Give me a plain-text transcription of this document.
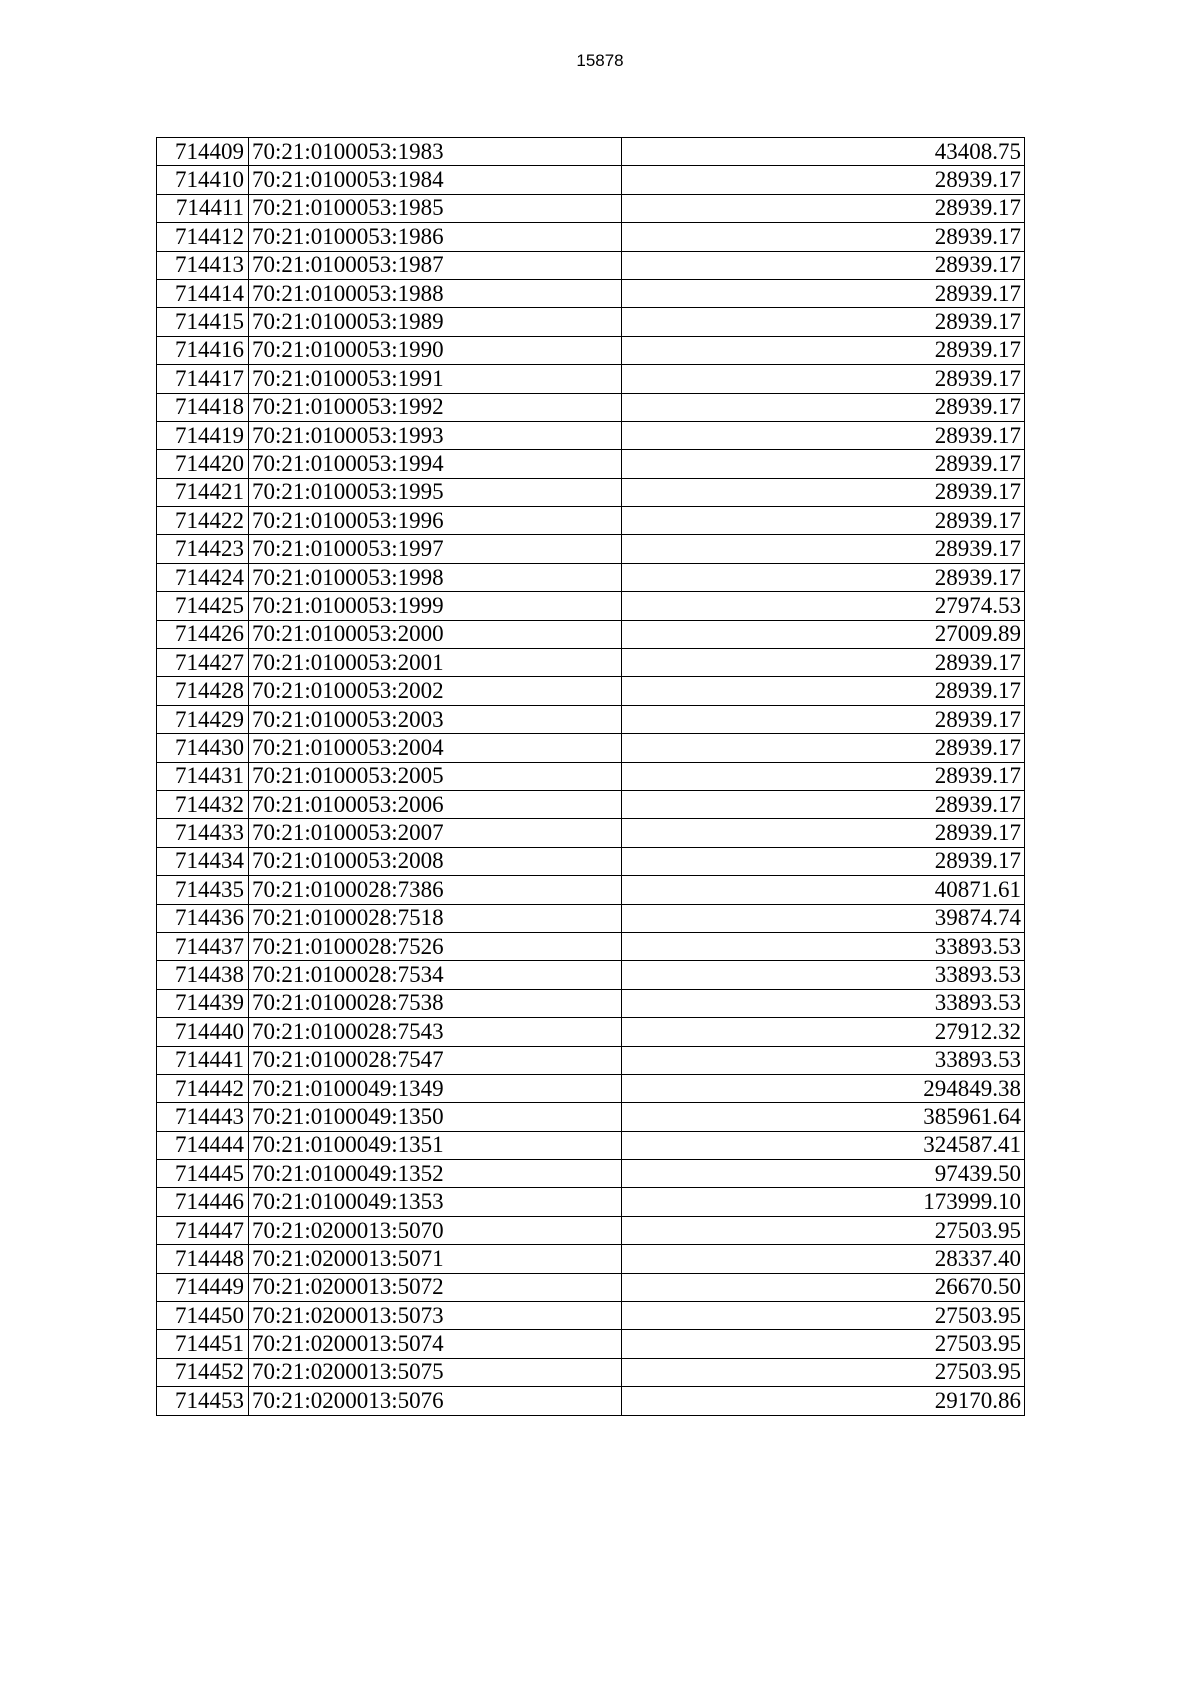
15878
714409	70:21:0100053:1983	43408.75
714410	70:21:0100053:1984	28939.17
714411	70:21:0100053:1985	28939.17
714412	70:21:0100053:1986	28939.17
714413	70:21:0100053:1987	28939.17
714414	70:21:0100053:1988	28939.17
714415	70:21:0100053:1989	28939.17
714416	70:21:0100053:1990	28939.17
714417	70:21:0100053:1991	28939.17
714418	70:21:0100053:1992	28939.17
714419	70:21:0100053:1993	28939.17
714420	70:21:0100053:1994	28939.17
714421	70:21:0100053:1995	28939.17
714422	70:21:0100053:1996	28939.17
714423	70:21:0100053:1997	28939.17
714424	70:21:0100053:1998	28939.17
714425	70:21:0100053:1999	27974.53
714426	70:21:0100053:2000	27009.89
714427	70:21:0100053:2001	28939.17
714428	70:21:0100053:2002	28939.17
714429	70:21:0100053:2003	28939.17
714430	70:21:0100053:2004	28939.17
714431	70:21:0100053:2005	28939.17
714432	70:21:0100053:2006	28939.17
714433	70:21:0100053:2007	28939.17
714434	70:21:0100053:2008	28939.17
714435	70:21:0100028:7386	40871.61
714436	70:21:0100028:7518	39874.74
714437	70:21:0100028:7526	33893.53
714438	70:21:0100028:7534	33893.53
714439	70:21:0100028:7538	33893.53
714440	70:21:0100028:7543	27912.32
714441	70:21:0100028:7547	33893.53
714442	70:21:0100049:1349	294849.38
714443	70:21:0100049:1350	385961.64
714444	70:21:0100049:1351	324587.41
714445	70:21:0100049:1352	97439.50
714446	70:21:0100049:1353	173999.10
714447	70:21:0200013:5070	27503.95
714448	70:21:0200013:5071	28337.40
714449	70:21:0200013:5072	26670.50
714450	70:21:0200013:5073	27503.95
714451	70:21:0200013:5074	27503.95
714452	70:21:0200013:5075	27503.95
714453	70:21:0200013:5076	29170.86
